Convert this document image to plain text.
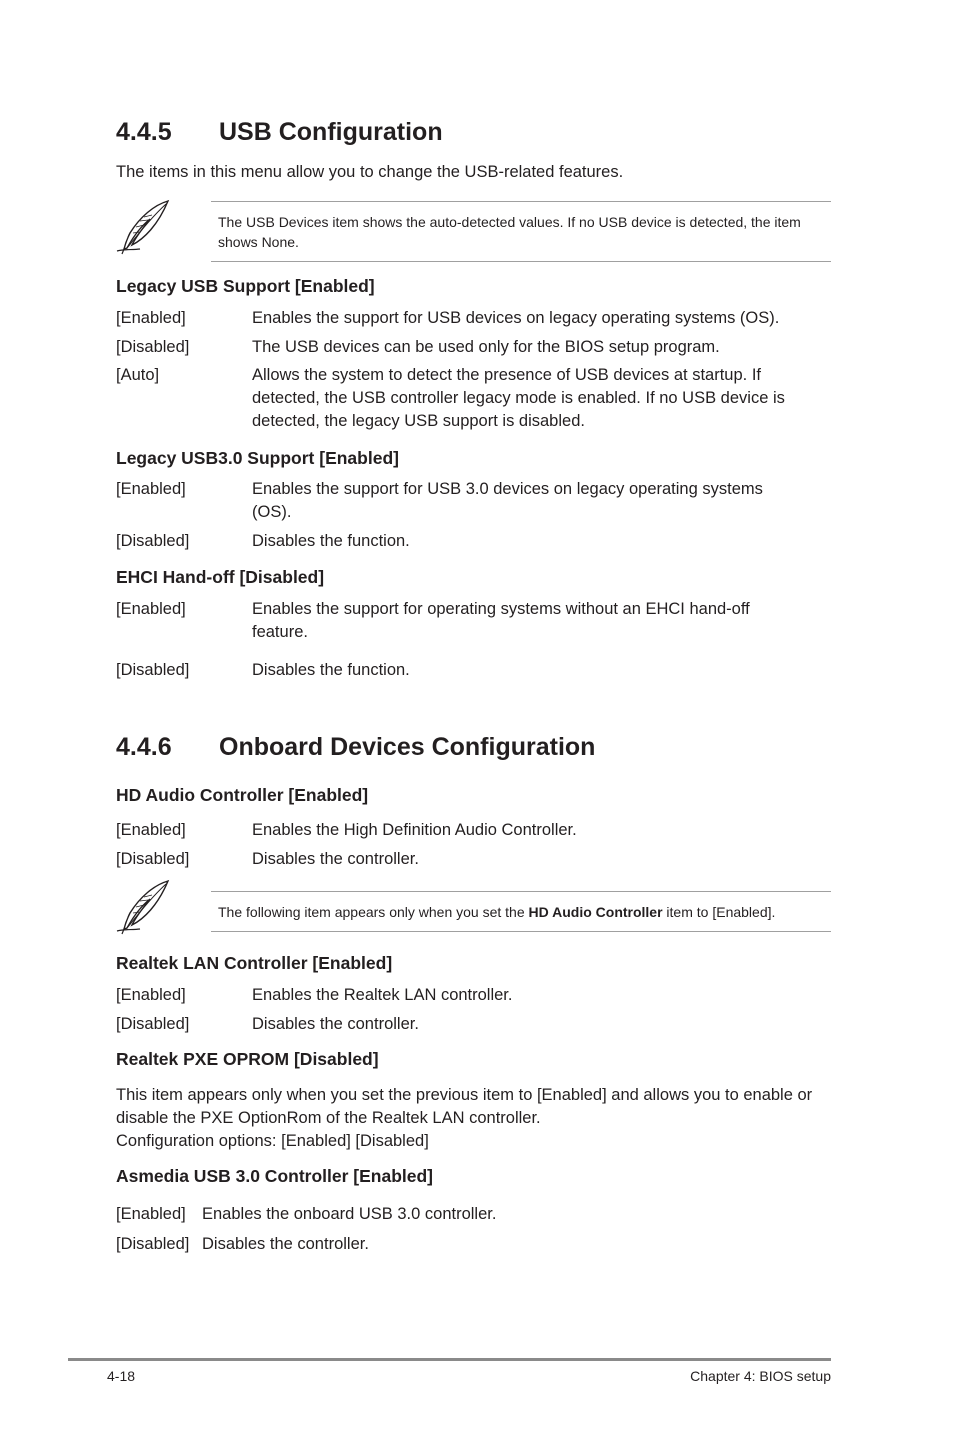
4.4.5 USB Configuration
The items in this menu allow you to change the USB-related features.
The USB Devices item shows the auto-detected values. If no USB device is detected, the item shows None.
Legacy USB Support [Enabled]
[Enabled]	Enables the support for USB devices on legacy operating systems (OS).
[Disabled]	The USB devices can be used only for the BIOS setup program.
[Auto]	Allows the system to detect the presence of USB devices at startup. If detected, the USB controller legacy mode is enabled. If no USB device is detected, the legacy USB support is disabled.
Legacy USB3.0 Support [Enabled]
[Enabled]	Enables the support for USB 3.0 devices on legacy operating systems (OS).
[Disabled]	Disables the function.
EHCI Hand-off [Disabled]
[Enabled]	Enables the support for operating systems without an EHCI hand-off feature.
[Disabled]	Disables the function.
4.4.6 Onboard Devices Configuration
HD Audio Controller [Enabled]
[Enabled]	Enables the High Definition Audio Controller.
[Disabled]	Disables the controller.
The following item appears only when you set the HD Audio Controller item to [Enabled].
Realtek LAN Controller [Enabled]
[Enabled]	Enables the Realtek LAN controller.
[Disabled]	Disables the controller.
Realtek PXE OPROM [Disabled]
This item appears only when you set the previous item to [Enabled] and allows you to enable or disable the PXE OptionRom of the Realtek LAN controller.
Configuration options: [Enabled] [Disabled]
Asmedia USB 3.0 Controller [Enabled]
[Enabled] Enables the onboard USB 3.0 controller.
[Disabled] Disables the controller.
4-18	Chapter 4: BIOS setup
